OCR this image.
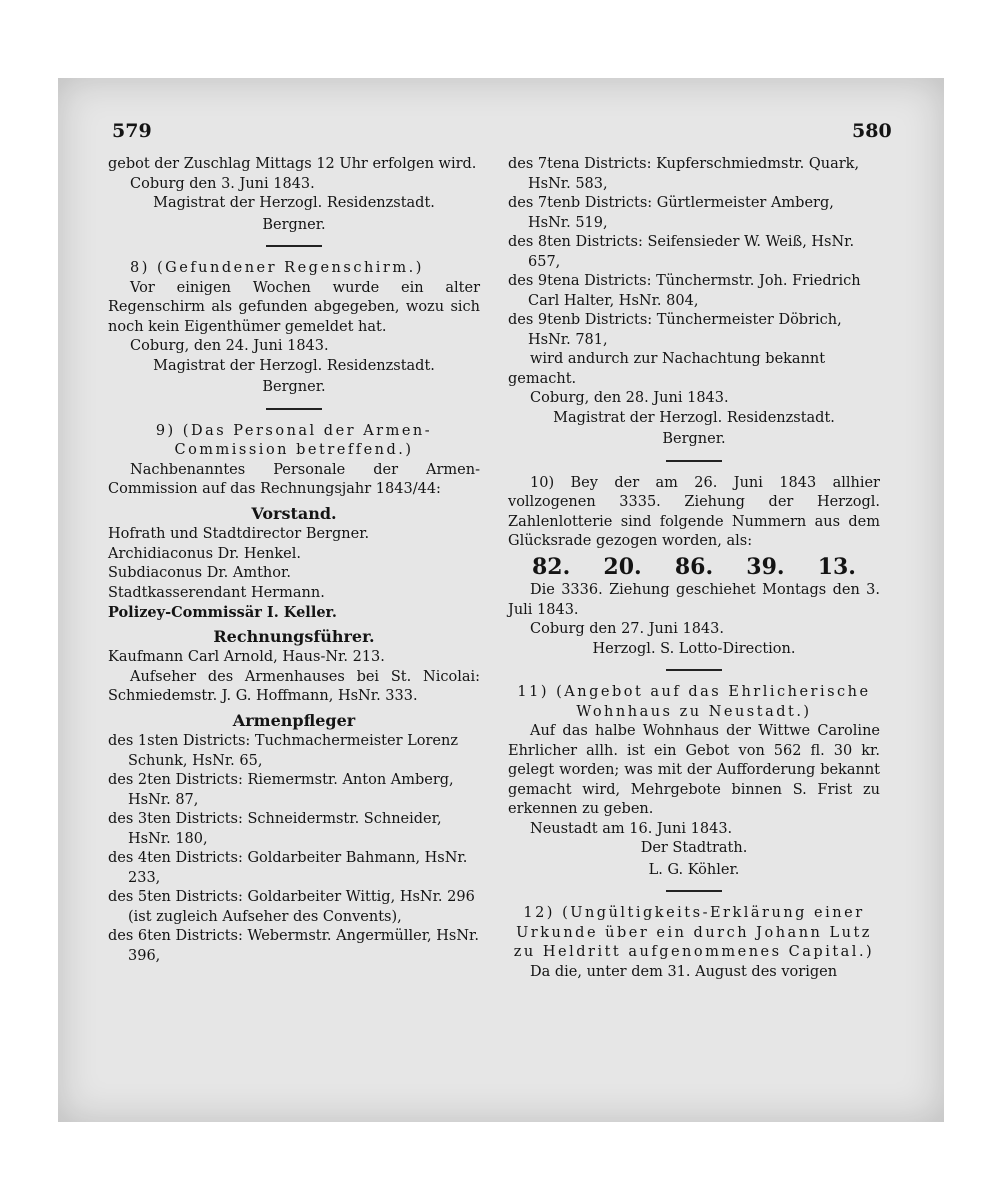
579	580

gebot der Zuschlag Mittags 12 Uhr erfolgen wird.

Coburg den 3. Juni 1843.

Magistrat der Herzogl. Residenzstadt.

Bergner.

8) (Gefundener Regenschirm.)

Vor einigen Wochen wurde ein alter Regenschirm als gefunden abgegeben, wozu sich noch kein Eigenthümer gemeldet hat.

Coburg, den 24. Juni 1843.

Magistrat der Herzogl. Residenzstadt.

Bergner.

9) (Das Personal der Armen-Commission betreffend.)

Nachbenanntes Personale der Armen-Commission auf das Rechnungsjahr 1843/44:

Vorstand.

Hofrath und Stadtdirector Bergner.

Archidiaconus Dr. Henkel.

Subdiaconus Dr. Amthor.

Stadtkasserendant Hermann.

Polizey-Commissär I. Keller.

Rechnungsführer.

Kaufmann Carl Arnold, Haus-Nr. 213.

Aufseher des Armenhauses bei St. Nicolai: Schmiedemstr. J. G. Hoffmann, HsNr. 333.

Armenpfleger

des 1sten Districts: Tuchmachermeister Lorenz Schunk, HsNr. 65,

des 2ten Districts: Riemermstr. Anton Amberg, HsNr. 87,

des 3ten Districts: Schneidermstr. Schneider, HsNr. 180,

des 4ten Districts: Goldarbeiter Bahmann, HsNr. 233,

des 5ten Districts: Goldarbeiter Wittig, HsNr. 296 (ist zugleich Aufseher des Convents),

des 6ten Districts: Webermstr. Angermüller, HsNr. 396,

des 7tena Districts: Kupferschmiedmstr. Quark, HsNr. 583,

des 7tenb Districts: Gürtlermeister Amberg, HsNr. 519,

des 8ten Districts: Seifensieder W. Weiß, HsNr. 657,

des 9tena Districts: Tünchermstr. Joh. Friedrich Carl Halter, HsNr. 804,

des 9tenb Districts: Tünchermeister Döbrich, HsNr. 781,

wird andurch zur Nachachtung bekannt gemacht.

Coburg, den 28. Juni 1843.

Magistrat der Herzogl. Residenzstadt.

Bergner.

10) Bey der am 26. Juni 1843 allhier vollzogenen 3335. Ziehung der Herzogl. Zahlenlotterie sind folgende Nummern aus dem Glücksrade gezogen worden, als:

82. 20. 86. 39. 13.

Die 3336. Ziehung geschiehet Montags den 3. Juli 1843.

Coburg den 27. Juni 1843.

Herzogl. S. Lotto-Direction.

11) (Angebot auf das Ehrlicherische Wohnhaus zu Neustadt.)

Auf das halbe Wohnhaus der Wittwe Caroline Ehrlicher allh. ist ein Gebot von 562 fl. 30 kr. gelegt worden; was mit der Aufforderung bekannt gemacht wird, Mehrgebote binnen S. Frist zu erkennen zu geben.

Neustadt am 16. Juni 1843.

Der Stadtrath.

L. G. Köhler.

12) (Ungültigkeits-Erklärung einer Urkunde über ein durch Johann Lutz zu Heldritt aufgenommenes Capital.)

Da die, unter dem 31. August des vorigen
